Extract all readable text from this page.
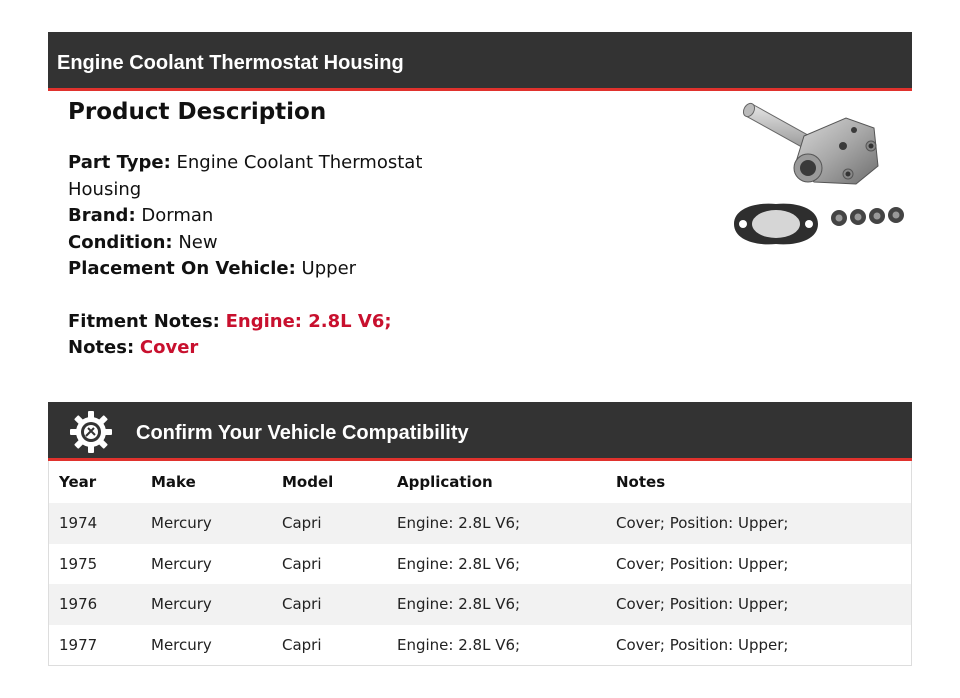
Engine Coolant Thermostat Housing
Product Description

Part Type: Engine Coolant Thermostat Housing

Brand: Dorman

Condition: New

Placement On Vehicle: Upper

Fitment Notes: Engine: 2.8L V6;

Notes: Cover

Confirm Your Vehicle Compatibility
Year	Make	Model	Application	Notes
1974	Mercury	Capri	Engine: 2.8L V6;	Cover; Position: Upper;
1975	Mercury	Capri	Engine: 2.8L V6;	Cover; Position: Upper;
1976	Mercury	Capri	Engine: 2.8L V6;	Cover; Position: Upper;
1977	Mercury	Capri	Engine: 2.8L V6;	Cover; Position: Upper;
